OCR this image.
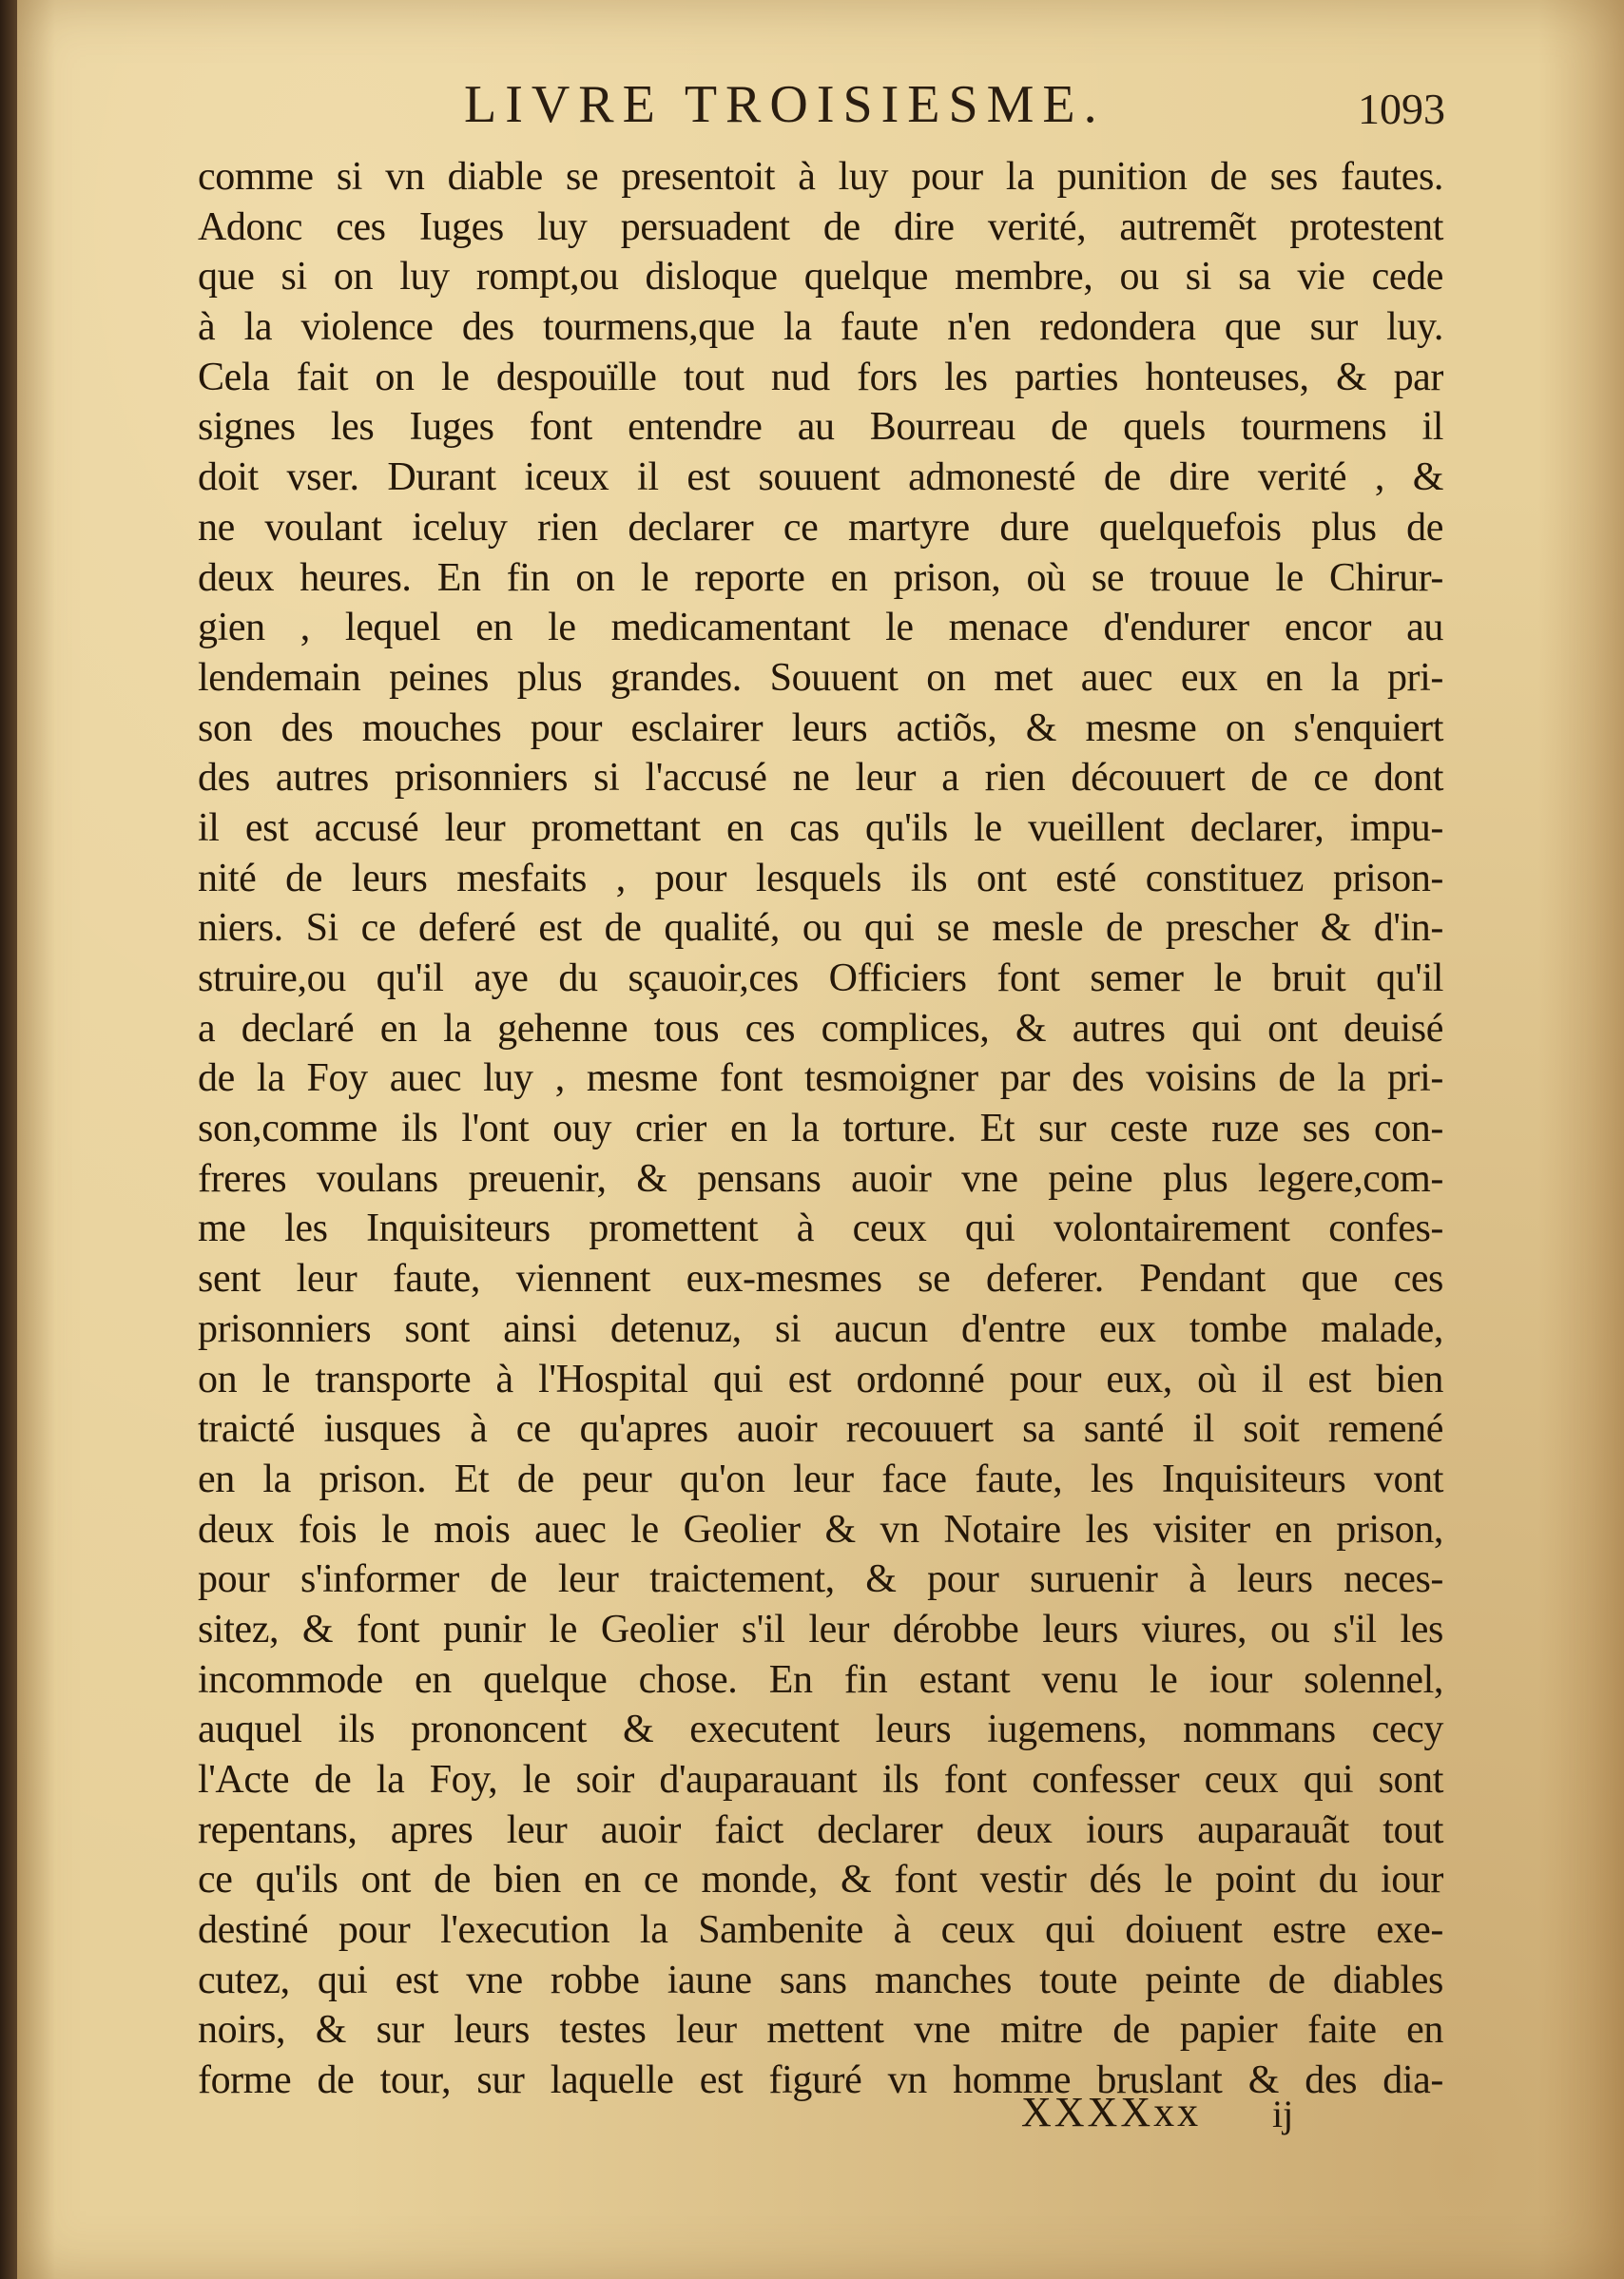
LIVRE TROISIESME.	1093
comme si vn diable se presentoit à luy pour la punition de ses fautes.
Adonc ces Iuges luy persuadent de dire verité, autremẽt protestent
que si on luy rompt,ou disloque quelque membre, ou si sa vie cede
à la violence des tourmens,que la faute n'en redondera que sur luy.
Cela fait on le despouïlle tout nud fors les parties honteuses, & par
signes les Iuges font entendre au Bourreau de quels tourmens il
doit vser. Durant iceux il est souuent admonesté de dire verité , &
ne voulant iceluy rien declarer ce martyre dure quelquefois plus de
deux heures. En fin on le reporte en prison, où se trouue le Chirur-
gien , lequel en le medicamentant le menace d'endurer encor au
lendemain peines plus grandes. Souuent on met auec eux en la pri-
son des mouches pour esclairer leurs actiõs, & mesme on s'enquiert
des autres prisonniers si l'accusé ne leur a rien découuert de ce dont
il est accusé leur promettant en cas qu'ils le vueillent declarer, impu-
nité de leurs mesfaits , pour lesquels ils ont esté constituez prison-
niers. Si ce deferé est de qualité, ou qui se mesle de prescher & d'in-
struire,ou qu'il aye du sçauoir,ces Officiers font semer le bruit qu'il
a declaré en la gehenne tous ces complices, & autres qui ont deuisé
de la Foy auec luy , mesme font tesmoigner par des voisins de la pri-
son,comme ils l'ont ouy crier en la torture. Et sur ceste ruze ses con-
freres voulans preuenir, & pensans auoir vne peine plus legere,com-
me les Inquisiteurs promettent à ceux qui volontairement confes-
sent leur faute, viennent eux-mesmes se deferer. Pendant que ces
prisonniers sont ainsi detenuz, si aucun d'entre eux tombe malade,
on le transporte à l'Hospital qui est ordonné pour eux, où il est bien
traicté iusques à ce qu'apres auoir recouuert sa santé il soit remené
en la prison. Et de peur qu'on leur face faute, les Inquisiteurs vont
deux fois le mois auec le Geolier & vn Notaire les visiter en prison,
pour s'informer de leur traictement, & pour suruenir à leurs neces-
sitez, & font punir le Geolier s'il leur dérobbe leurs viures, ou s'il les
incommode en quelque chose. En fin estant venu le iour solennel,
auquel ils prononcent & executent leurs iugemens, nommans cecy
l'Acte de la Foy, le soir d'auparauant ils font confesser ceux qui sont
repentans, apres leur auoir faict declarer deux iours auparauãt tout
ce qu'ils ont de bien en ce monde, & font vestir dés le point du iour
destiné pour l'execution la Sambenite à ceux qui doiuent estre exe-
cutez, qui est vne robbe iaune sans manches toute peinte de diables
noirs, & sur leurs testes leur mettent vne mitre de papier faite en
forme de tour, sur laquelle est figuré vn homme bruslant & des dia-
XXXXxx ij
